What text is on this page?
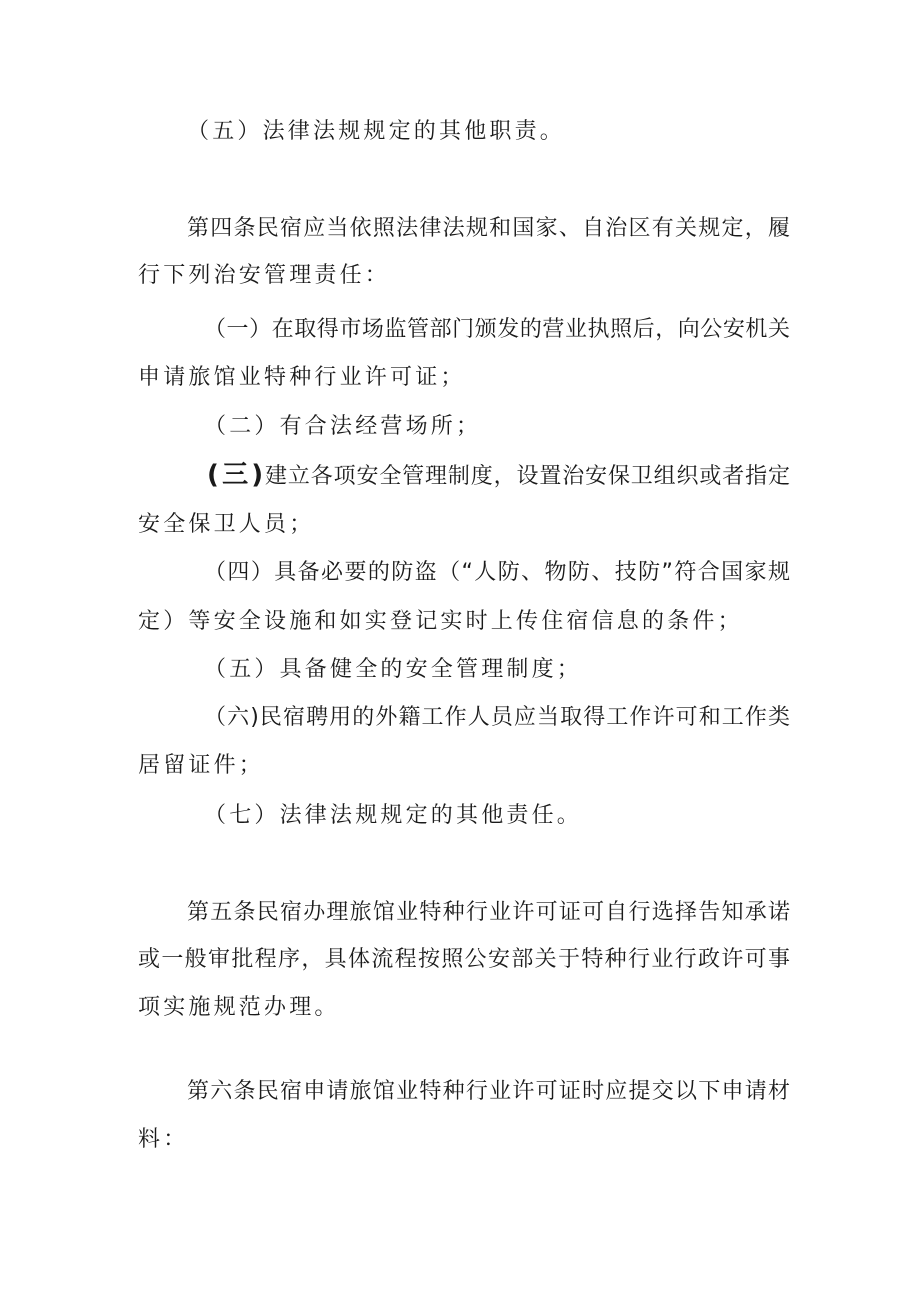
（五）法律法规规定的其他职责。
第四条民宿应当依照法律法规和国家、自治区有关规定，履
行下列治安管理责任：
（一）在取得市场监管部门颁发的营业执照后，向公安机关
申请旅馆业特种行业许可证；
（二）有合法经营场所；
(三)
建立各项安全管理制度，设置治安保卫组织或者指定
安全保卫人员；
（四）具备必要的防盗（“人防、物防、技防”符合国家规
定）等安全设施和如实登记实时上传住宿信息的条件；
（五）具备健全的安全管理制度；
（六)民宿聘用的外籍工作人员应当取得工作许可和工作类
居留证件；
（七）法律法规规定的其他责任。
第五条民宿办理旅馆业特种行业许可证可自行选择告知承诺
或一般审批程序，具体流程按照公安部关于特种行业行政许可事
项实施规范办理。
第六条民宿申请旅馆业特种行业许可证时应提交以下申请材
料：
